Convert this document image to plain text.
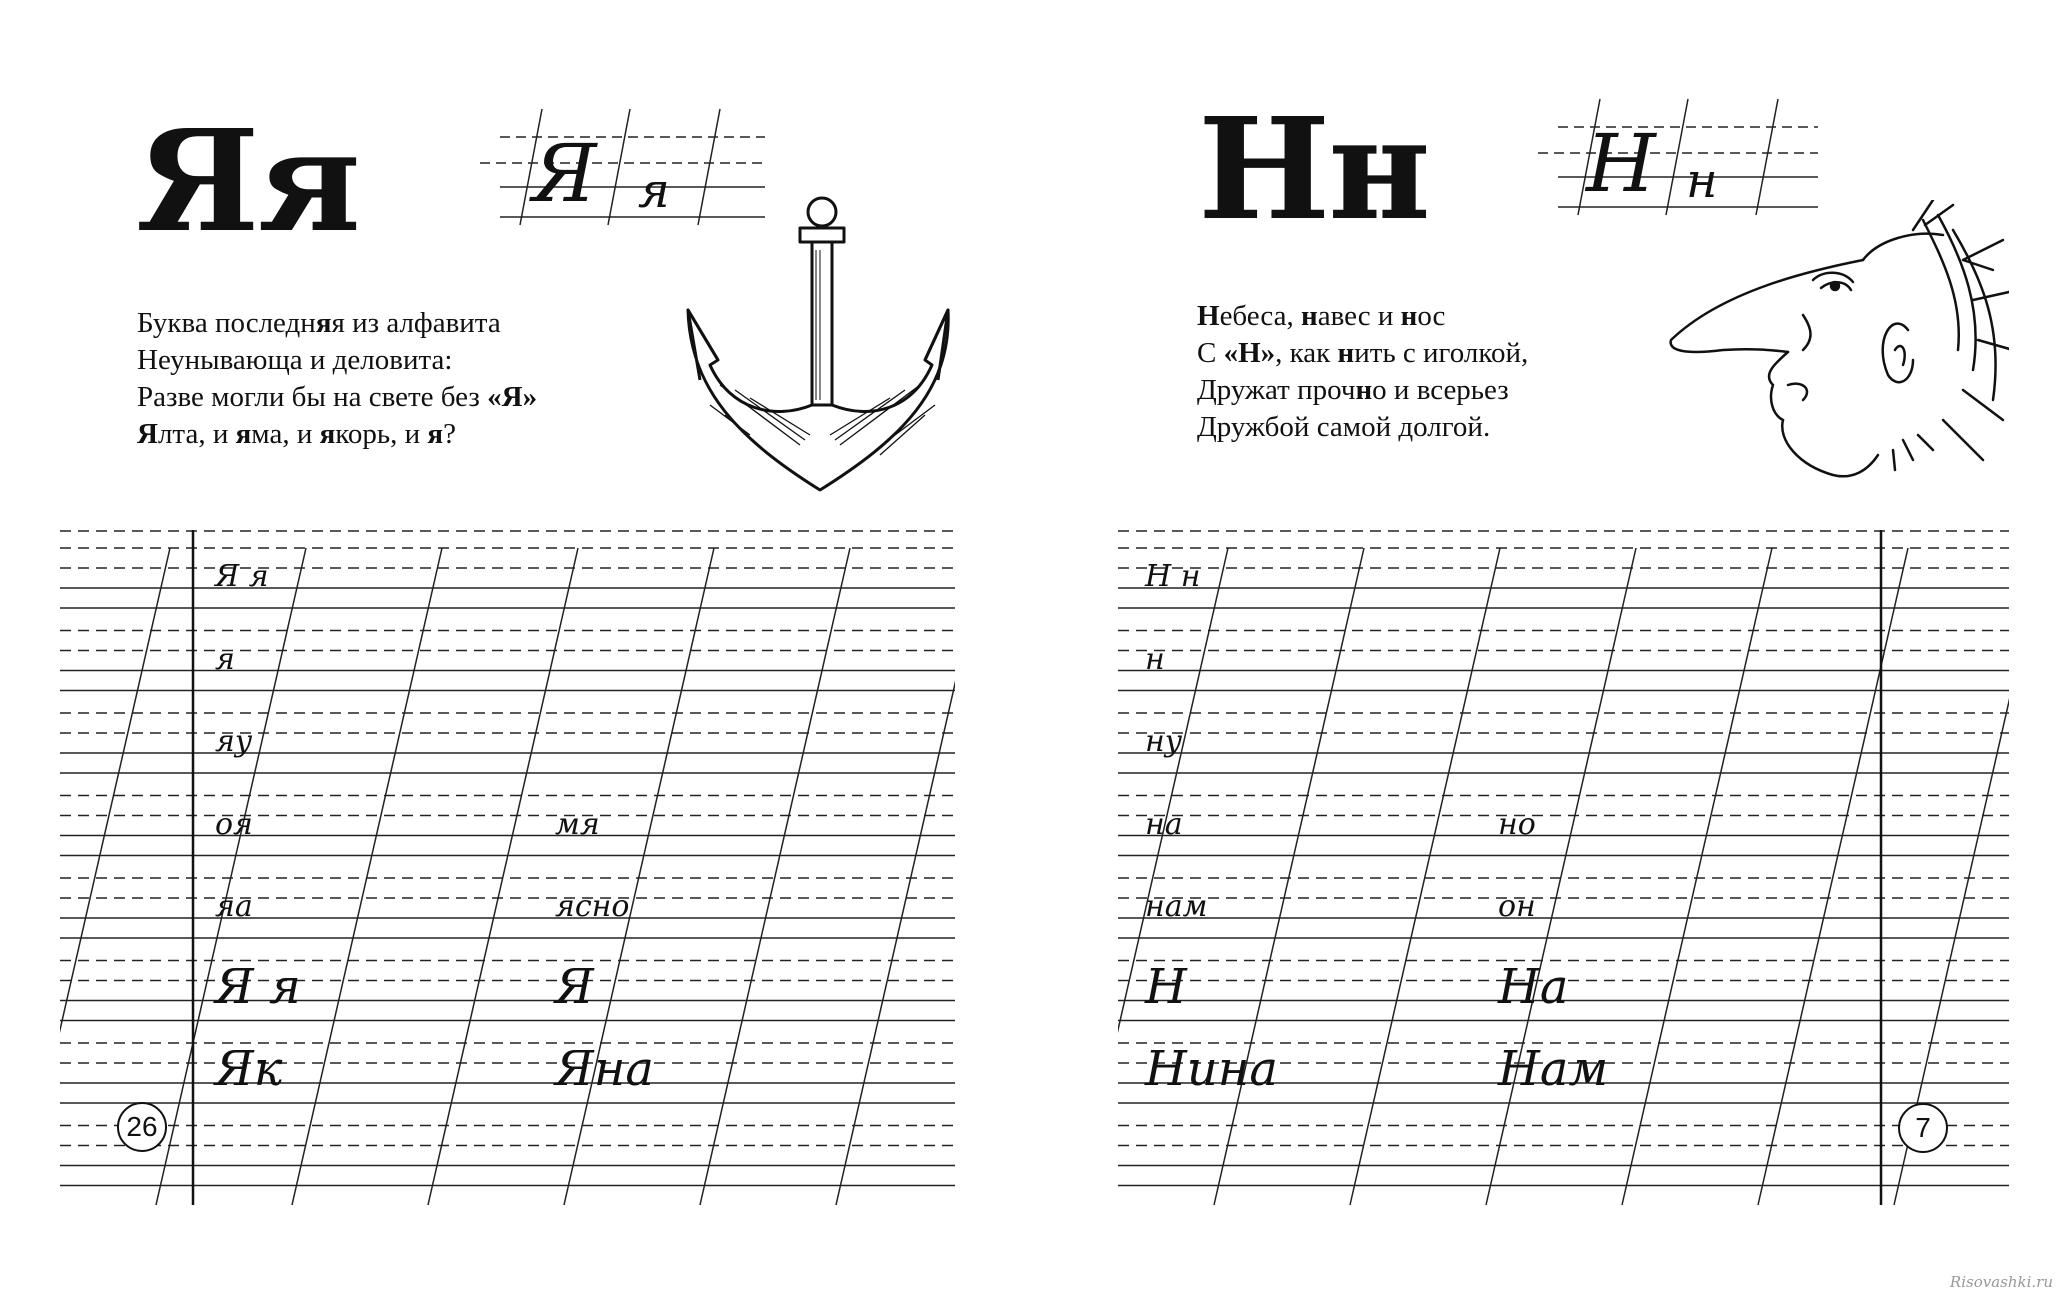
Яя Я я
Буква последняя из алфавита
Неунывающа и деловита:
Разве могли бы на свете без «Я»
Ялта, и яма, и якорь, и я?
Я я
я
яу
оя	мя
яа	ясно
Я я	Я
Як	Яна
26
Нн Н н
Небеса, навес и нос
С «Н», как нить с иголкой,
Дружат прочно и всерьез
Дружбой самой долгой.
Н н
н
ну
на	но
нам	он
Н	На
Нина	Нам
7
Risovashki.ru
